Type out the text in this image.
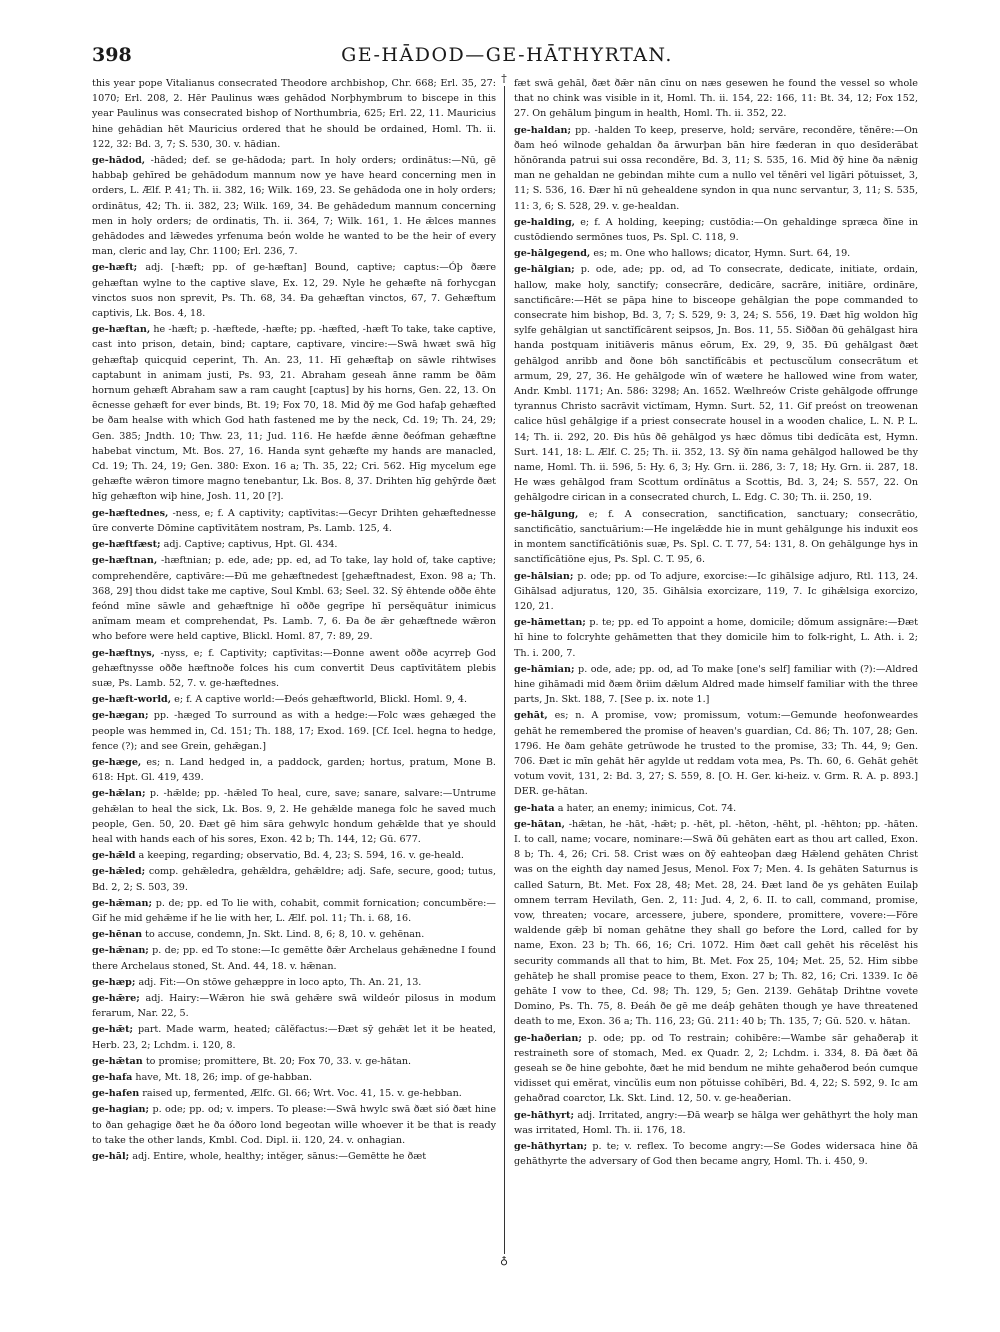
398	GE-HĀDOD—GE-HĀTHYRTAN.

this year pope Vitalianus consecrated Theodore archbishop, Chr. 668; Erl. 35, 27: 1070; Erl. 208, 2. Hēr Paulinus wæs gehādod Norþhymbrum to biscepe in this year Paulinus was consecrated bishop of Northumbria, 625; Erl. 22, 11. Mauricius hine gehādian hēt Mauricius ordered that he should be ordained, Homl. Th. ii. 122, 32: Bd. 3, 7; S. 530, 30. v. hādian.

ge-hādod, -hāded; def. se ge-hādoda; part. In holy orders; ordinātus:—Nū, gē habbaþ gehīred be gehādodum mannum now ye have heard concerning men in orders, L. Ælf. P. 41; Th. ii. 382, 16; Wilk. 169, 23. Se gehādoda one in holy orders; ordinātus, 42; Th. ii. 382, 23; Wilk. 169, 34. Be gehādedum mannum concerning men in holy orders; de ordinatis, Th. ii. 364, 7; Wilk. 161, 1. He ǣlces mannes gehādodes and lǣwedes yrfenuma beón wolde he wanted to be the heir of every man, cleric and lay, Chr. 1100; Erl. 236, 7.

ge-hæft; adj. [-hæft; pp. of ge-hæftan] Bound, captive; captus:—Óþ ðære gehæftan wylne to the captive slave, Ex. 12, 29. Nyle he gehæfte nā forhycgan vinctos suos non sprevit, Ps. Th. 68, 34. Ða gehæftan vinctos, 67, 7. Gehæftum captivis, Lk. Bos. 4, 18.

ge-hæftan, he -hæft; p. -hæftede, -hæfte; pp. -hæfted, -hæft To take, take captive, cast into prison, detain, bind; captare, captivare, vincire:—Swā hwæt swā hīg gehæftaþ quicquid ceperint, Th. An. 23, 11. Hī gehæftaþ on sāwle rihtwīses captabunt in animam justi, Ps. 93, 21. Abraham geseah ānne ramm be ðām hornum gehæft Abraham saw a ram caught [captus] by his horns, Gen. 22, 13. On ēcnesse gehæft for ever binds, Bt. 19; Fox 70, 18. Mid ðȳ me God hafaþ gehæfted be ðam healse with which God hath fastened me by the neck, Cd. 19; Th. 24, 29; Gen. 385; Jndth. 10; Thw. 23, 11; Jud. 116. He hæfde ǣnne ðeófman gehæftne habebat vinctum, Mt. Bos. 27, 16. Handa synt gehæfte my hands are manacled, Cd. 19; Th. 24, 19; Gen. 380: Exon. 16 a; Th. 35, 22; Cri. 562. Hīg mycelum ege gehæfte wǣron timore magno tenebantur, Lk. Bos. 8, 37. Drihten hīg gehȳrde ðæt hīg gehæfton wiþ hine, Josh. 11, 20 [?].

ge-hæftednes, -ness, e; f. A captivity; captīvitas:—Gecyr Drihten gehæftednesse ūre converte Dōmine captīvitātem nostram, Ps. Lamb. 125, 4.

ge-hæftfæst; adj. Captive; captivus, Hpt. Gl. 434.

ge-hæftnan, -hæftnian; p. ede, ade; pp. ed, ad To take, lay hold of, take captive; comprehendĕre, captivāre:—Ðū me gehæftnedest [gehæftnadest, Exon. 98 a; Th. 368, 29] thou didst take me captive, Soul Kmbl. 63; Seel. 32. Sȳ ēhtende oððe ēhte feónd mīne sāwle and gehæftnige hī oððe gegrīpe hī persĕquātur inimicus anĭmam meam et comprehendat, Ps. Lamb. 7, 6. Ða ðe ǣr gehæftnede wǣron who before were held captive, Blickl. Homl. 87, 7: 89, 29.

ge-hæftnys, -nyss, e; f. Captivity; captīvitas:—Ðonne awent oððe acyrreþ God gehæftnysse oððe hæftnoðe folces his cum convertit Deus captīvitātem plebis suæ, Ps. Lamb. 52, 7. v. ge-hæftednes.

ge-hæft-world, e; f. A captive world:—Ðeós gehæftworld, Blickl. Homl. 9, 4.

ge-hægan; pp. -hæged To surround as with a hedge:—Folc wæs gehæged the people was hemmed in, Cd. 151; Th. 188, 17; Exod. 169. [Cf. Icel. hegna to hedge, fence (?); and see Grein, gehǣgan.]

ge-hæge, es; n. Land hedged in, a paddock, garden; hortus, pratum, Mone B. 618: Hpt. Gl. 419, 439.

ge-hǣlan; p. -hǣlde; pp. -hǣled To heal, cure, save; sanare, salvare:—Untrume gehǣlan to heal the sick, Lk. Bos. 9, 2. He gehǣlde manega folc he saved much people, Gen. 50, 20. Ðæt gē him sāra gehwylc hondum gehǣlde that ye should heal with hands each of his sores, Exon. 42 b; Th. 144, 12; Gū. 677.

ge-hǣld a keeping, regarding; observatio, Bd. 4, 23; S. 594, 16. v. ge-heald.

ge-hǣled; comp. gehǣledra, gehǣldra, gehǣldre; adj. Safe, secure, good; tutus, Bd. 2, 2; S. 503, 39.

ge-hǣman; p. de; pp. ed To lie with, cohabit, commit fornication; concumbĕre:—Gif he mid gehǣme if he lie with her, L. Ælf. pol. 11; Th. i. 68, 16.

ge-hēnan to accuse, condemn, Jn. Skt. Lind. 8, 6; 8, 10. v. gehēnan.

ge-hǣnan; p. de; pp. ed To stone:—Ic gemētte ðǣr Archelaus gehǣnedne I found there Archelaus stoned, St. And. 44, 18. v. hǣnan.

ge-hæp; adj. Fit:—On stōwe gehæppre in loco apto, Th. An. 21, 13.

ge-hǣre; adj. Hairy:—Wǣron hie swā gehǣre swā wildeór pilosus in modum ferarum, Nar. 22, 5.

ge-hǣt; part. Made warm, heated; cālĕfactus:—Ðæt sȳ gehǣt let it be heated, Herb. 23, 2; Lchdm. i. 120, 8.

ge-hǣtan to promise; promittere, Bt. 20; Fox 70, 33. v. ge-hātan.

ge-hafa have, Mt. 18, 26; imp. of ge-habban.

ge-hafen raised up, fermented, Ælfc. Gl. 66; Wrt. Voc. 41, 15. v. ge-hebban.

ge-hagian; p. ode; pp. od; v. impers. To please:—Swā hwylc swā ðæt sió ðæt hine to ðan gehagige ðæt he ða óðoro lond begeotan wille whoever it be that is ready to take the other lands, Kmbl. Cod. Dipl. ii. 120, 24. v. onhagian.

ge-hāl; adj. Entire, whole, healthy; intĕger, sānus:—Gemētte he ðæt

†
♁

fæt swā gehāl, ðæt ðǣr nān cīnu on næs gesewen he found the vessel so whole that no chink was visible in it, Homl. Th. ii. 154, 22: 166, 11: Bt. 34, 12; Fox 152, 27. On gehālum þingum in health, Homl. Th. ii. 352, 22.

ge-haldan; pp. -halden To keep, preserve, hold; servāre, recondĕre, tĕnēre:—On ðam heó wilnode gehaldan ða ārwurþan bān hire fæderan in quo desīderābat hŏnōranda patrui sui ossa recondĕre, Bd. 3, 11; S. 535, 16. Mid ðȳ hine ða nǣnig man ne gehaldan ne gebindan mihte cum a nullo vel tĕnēri vel ligāri pŏtuisset, 3, 11; S. 536, 16. Ðær hī nū gehealdene syndon in qua nunc servantur, 3, 11; S. 535, 11: 3, 6; S. 528, 29. v. ge-healdan.

ge-halding, e; f. A holding, keeping; custōdia:—On gehaldinge spræca ðīne in custōdiendo sermōnes tuos, Ps. Spl. C. 118, 9.

ge-hālgegend, es; m. One who hallows; dicator, Hymn. Surt. 64, 19.

ge-hālgian; p. ode, ade; pp. od, ad To consecrate, dedicate, initiate, ordain, hallow, make holy, sanctify; consecrāre, dedicāre, sacrāre, initiāre, ordināre, sanctificāre:—Hēt se pāpa hine to bisceope gehālgian the pope commanded to consecrate him bishop, Bd. 3, 7; S. 529, 9: 3, 24; S. 556, 19. Ðæt hīg woldon hīg sylfe gehālgian ut sanctĭfĭcārent seipsos, Jn. Bos. 11, 55. Siððan ðū gehālgast hira handa postquam initiāveris mānus eōrum, Ex. 29, 9, 35. Ðū gehālgast ðæt gehālgod anribb and ðone bōh sanctĭfĭcābis et pectuscŭlum consecrātum et armum, 29, 27, 36. He gehālgode wīn of wætere he hallowed wine from water, Andr. Kmbl. 1171; An. 586: 3298; An. 1652. Wælhreów Criste gehālgode offrunge tyrannus Christo sacrāvit victĭmam, Hymn. Surt. 52, 11. Gif preóst on treowenan calice hūsl gehālgige if a priest consecrate housel in a wooden chalice, L. N. P. L. 14; Th. ii. 292, 20. Ðis hūs ðē gehālgod ys hæc dŏmus tibi dedĭcāta est, Hymn. Surt. 141, 18: L. Ælf. C. 25; Th. ii. 352, 13. Sȳ ðīn nama gehālgod hallowed be thy name, Homl. Th. ii. 596, 5: Hy. 6, 3; Hy. Grn. ii. 286, 3: 7, 18; Hy. Grn. ii. 287, 18. He wæs gehālgod fram Scottum ordĭnātus a Scottis, Bd. 3, 24; S. 557, 22. On gehālgodre cirican in a consecrated church, L. Edg. C. 30; Th. ii. 250, 19.

ge-hālgung, e; f. A consecration, sanctification, sanctuary; consecrātio, sanctificātio, sanctuārium:—He ingelǣdde hie in munt gehālgunge his induxit eos in montem sanctĭfĭcātiōnis suæ, Ps. Spl. C. T. 77, 54: 131, 8. On gehālgunge hys in sanctĭfĭcātiōne ejus, Ps. Spl. C. T. 95, 6.

ge-hālsian; p. ode; pp. od To adjure, exorcise:—Ic gihālsige adjuro, Rtl. 113, 24. Gihālsad adjuratus, 120, 35. Gihālsia exorcizare, 119, 7. Ic gihǣlsiga exorcizo, 120, 21.

ge-hāmettan; p. te; pp. ed To appoint a home, domicile; dŏmum assignāre:—Ðæt hī hine to folcryhte gehāmetten that they domicile him to folk-right, L. Ath. i. 2; Th. i. 200, 7.

ge-hāmian; p. ode, ade; pp. od, ad To make [one's self] familiar with (?):—Aldred hine gihāmadi mid ðæm ðriim dǣlum Aldred made himself familiar with the three parts, Jn. Skt. 188, 7. [See p. ix. note 1.]

gehāt, es; n. A promise, vow; promissum, votum:—Gemunde heofonweardes gehāt he remembered the promise of heaven's guardian, Cd. 86; Th. 107, 28; Gen. 1796. He ðam gehāte getrūwode he trusted to the promise, 33; Th. 44, 9; Gen. 706. Ðæt ic mīn gehāt hēr agylde ut reddam vota mea, Ps. Th. 60, 6. Gehāt gehēt votum vovit, 131, 2: Bd. 3, 27; S. 559, 8. [O. H. Ger. ki-heiz. v. Grm. R. A. p. 893.] DER. ge-hātan.

ge-hata a hater, an enemy; inimicus, Cot. 74.

ge-hātan, -hǣtan, he -hāt, -hǣt; p. -hēt, pl. -hēton, -hēht, pl. -hēhton; pp. -hāten. I. to call, name; vocare, nominare:—Swā ðū gehāten eart as thou art called, Exon. 8 b; Th. 4, 26; Cri. 58. Crist wæs on ðȳ eahteoþan dæg Hǣlend gehāten Christ was on the eighth day named Jesus, Menol. Fox 7; Men. 4. Is gehāten Saturnus is called Saturn, Bt. Met. Fox 28, 48; Met. 28, 24. Ðæt land ðe ys gehāten Euilaþ omnem terram Hevilath, Gen. 2, 11: Jud. 4, 2, 6. II. to call, command, promise, vow, threaten; vocare, arcessere, jubere, spondere, promittere, vovere:—Fōre waldende gǣþ bī noman gehātne they shall go before the Lord, called for by name, Exon. 23 b; Th. 66, 16; Cri. 1072. Him ðæt call gehēt his rēcelēst his security commands all that to him, Bt. Met. Fox 25, 104; Met. 25, 52. Him sibbe gehāteþ he shall promise peace to them, Exon. 27 b; Th. 82, 16; Cri. 1339. Ic ðē gehāte I vow to thee, Cd. 98; Th. 129, 5; Gen. 2139. Gehātaþ Drihtne vovete Domino, Ps. Th. 75, 8. Ðeáh ðe gē me deáþ gehāten though ye have threatened death to me, Exon. 36 a; Th. 116, 23; Gū. 211: 40 b; Th. 135, 7; Gū. 520. v. hātan.

ge-haðerian; p. ode; pp. od To restrain; cohibēre:—Wambe sār gehaðeraþ it restraineth sore of stomach, Med. ex Quadr. 2, 2; Lchdm. i. 334, 8. Ðā ðæt ðā geseah se ðe hine gebohte, ðæt he mid bendum ne mihte gehaðerod beón cumque vidisset qui emĕrat, vincŭlis eum non pŏtuisse cohĭbēri, Bd. 4, 22; S. 592, 9. Ic am gehaðrad coarctor, Lk. Skt. Lind. 12, 50. v. ge-heaðerian.

ge-hāthyrt; adj. Irritated, angry:—Ðā wearþ se hālga wer gehāthyrt the holy man was irritated, Homl. Th. ii. 176, 18.

ge-hāthyrtan; p. te; v. reflex. To become angry:—Se Godes widersaca hine ðā gehāthyrte the adversary of God then became angry, Homl. Th. i. 450, 9.
